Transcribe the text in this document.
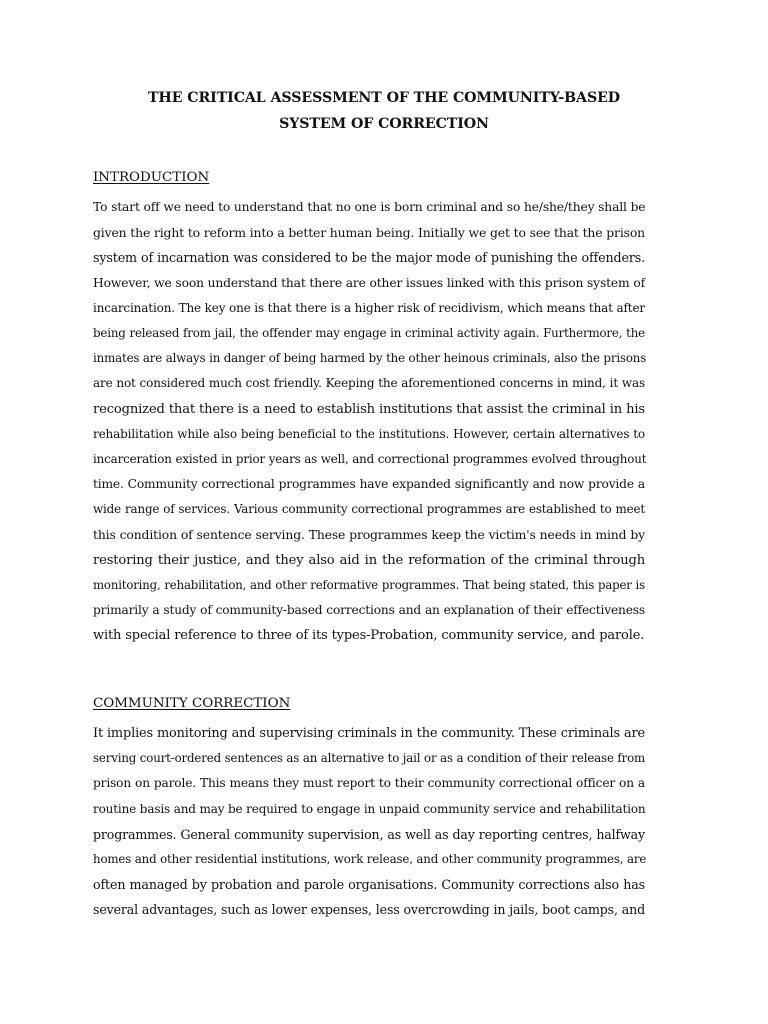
THE CRITICAL ASSESSMENT OF THE COMMUNITY-BASED
SYSTEM OF CORRECTION
INTRODUCTION
To start off we need to understand that no one is born criminal and so he/she/they shall be
given the right to reform into a better human being. Initially we get to see that the prison
system of incarnation was considered to be the major mode of punishing the offenders.
However, we soon understand that there are other issues linked with this prison system of
incarcination. The key one is that there is a higher risk of recidivism, which means that after
being released from jail, the offender may engage in criminal activity again. Furthermore, the
inmates are always in danger of being harmed by the other heinous criminals, also the prisons
are not considered much cost friendly. Keeping the aforementioned concerns in mind, it was
recognized that there is a need to establish institutions that assist the criminal in his
rehabilitation while also being beneficial to the institutions. However, certain alternatives to
incarceration existed in prior years as well, and correctional programmes evolved throughout
time. Community correctional programmes have expanded significantly and now provide a
wide range of services. Various community correctional programmes are established to meet
this condition of sentence serving. These programmes keep the victim's needs in mind by
restoring their justice, and they also aid in the reformation of the criminal through
monitoring, rehabilitation, and other reformative programmes. That being stated, this paper is
primarily a study of community-based corrections and an explanation of their effectiveness
with special reference to three of its types-Probation, community service, and parole.
COMMUNITY CORRECTION
It implies monitoring and supervising criminals in the community. These criminals are
serving court-ordered sentences as an alternative to jail or as a condition of their release from
prison on parole. This means they must report to their community correctional officer on a
routine basis and may be required to engage in unpaid community service and rehabilitation
programmes. General community supervision, as well as day reporting centres, halfway
homes and other residential institutions, work release, and other community programmes, are
often managed by probation and parole organisations. Community corrections also has
several advantages, such as lower expenses, less overcrowding in jails, boot camps, and
